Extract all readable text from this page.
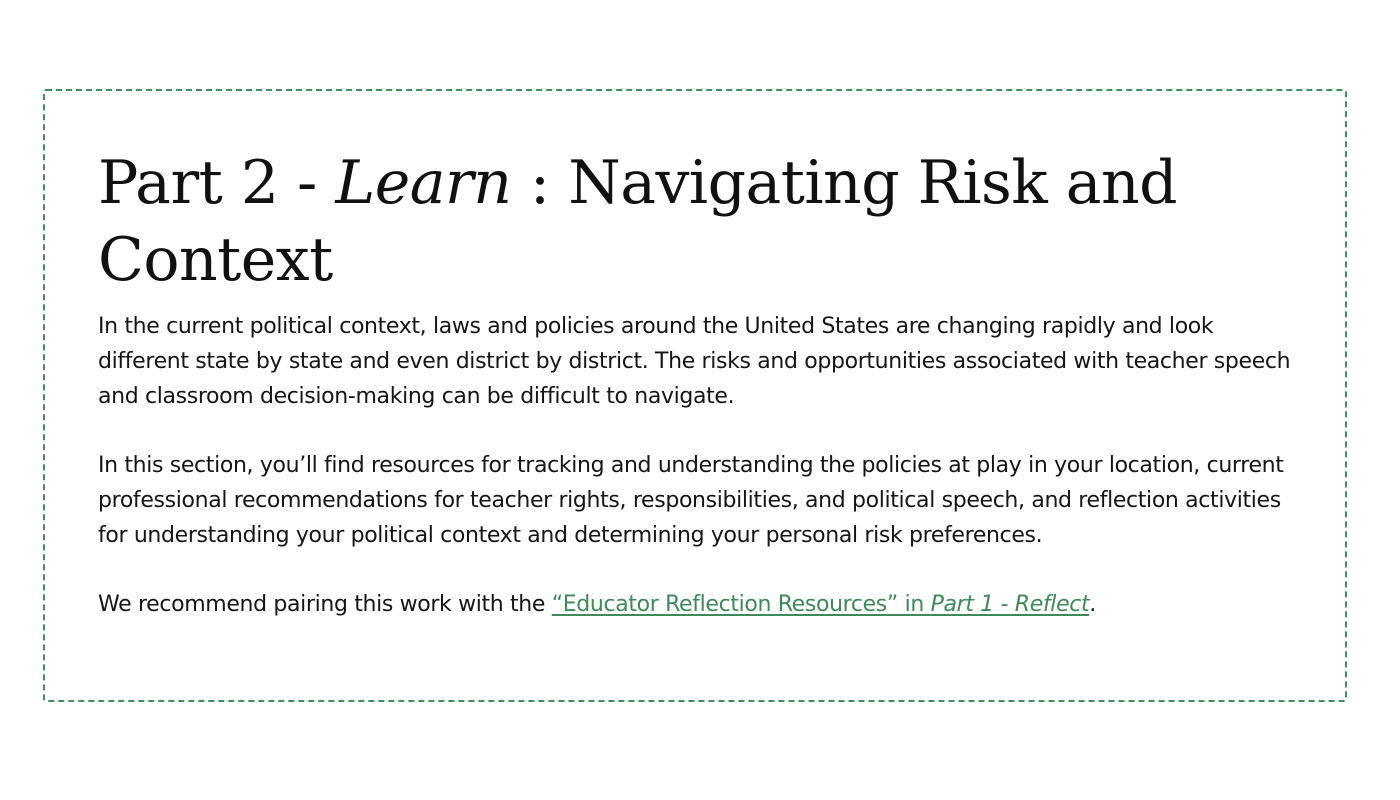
Part 2 - Learn : Navigating Risk and Context

In the current political context, laws and policies around the United States are changing rapidly and look different state by state and even district by district. The risks and opportunities associated with teacher speech and classroom decision-making can be difficult to navigate.

In this section, you’ll find resources for tracking and understanding the policies at play in your location, current professional recommendations for teacher rights, responsibilities, and political speech, and reflection activities for understanding your political context and determining your personal risk preferences.

We recommend pairing this work with the “Educator Reflection Resources” in Part 1 - Reflect.
